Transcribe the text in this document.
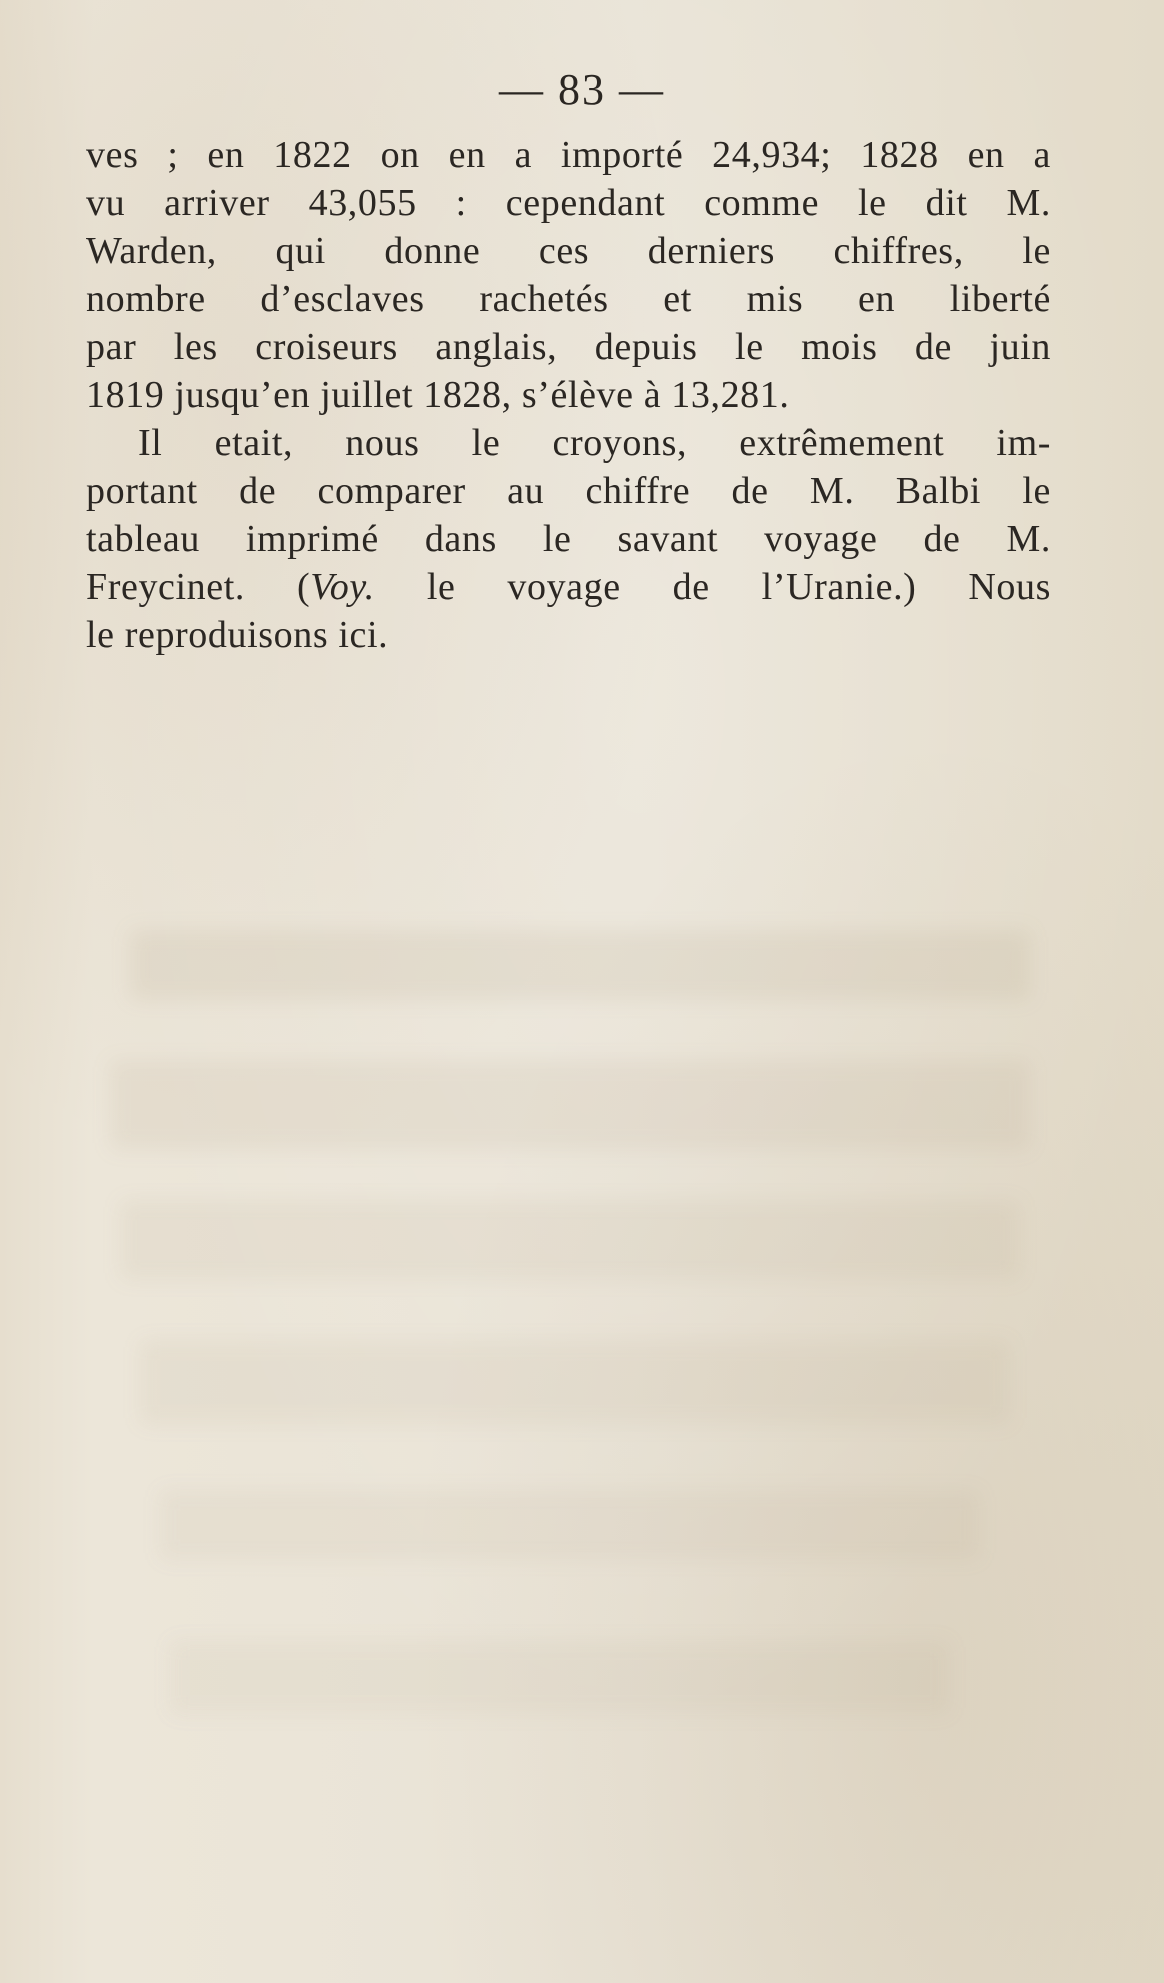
— 83 —
ves ; en 1822 on en a importé 24,934; 1828 en a
vu arriver 43,055 : cependant comme le dit M.
Warden, qui donne ces derniers chiffres, le
nombre d’esclaves rachetés et mis en liberté
par les croiseurs anglais, depuis le mois de juin
1819 jusqu’en juillet 1828, s’élève à 13,281.
Il etait, nous le croyons, extrêmement im-
portant de comparer au chiffre de M. Balbi le
tableau imprimé dans le savant voyage de M.
Freycinet. (Voy. le voyage de l’Uranie.) Nous
le reproduisons ici.
